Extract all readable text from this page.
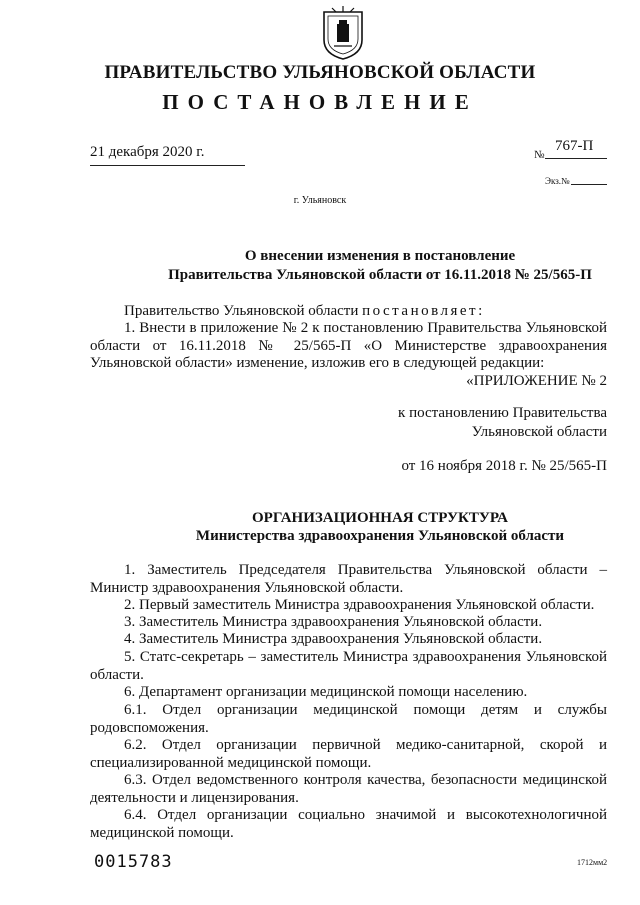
ПРАВИТЕЛЬСТВО УЛЬЯНОВСКОЙ ОБЛАСТИ
ПОСТАНОВЛЕНИЕ
21 декабря 2020 г.	№
767-П
Экз.№
г. Ульяновск
О внесении изменения в постановление
Правительства Ульяновской области от 16.11.2018 № 25/565-П
Правительство Ульяновской области постановляет:
1. Внести в приложение № 2 к постановлению Правительства Ульяновской области от 16.11.2018 № 25/565-П «О Министерстве здравоохранения Ульяновской области» изменение, изложив его в следующей редакции:
«ПРИЛОЖЕНИЕ № 2
к постановлению Правительства
Ульяновской области
от 16 ноября 2018 г. № 25/565-П
ОРГАНИЗАЦИОННАЯ СТРУКТУРА
Министерства здравоохранения Ульяновской области
1. Заместитель Председателя Правительства Ульяновской области – Министр здравоохранения Ульяновской области.
2. Первый заместитель Министра здравоохранения Ульяновской области.
3. Заместитель Министра здравоохранения Ульяновской области.
4. Заместитель Министра здравоохранения Ульяновской области.
5. Статс-секретарь – заместитель Министра здравоохранения Ульяновской области.
6. Департамент организации медицинской помощи населению.
6.1. Отдел организации медицинской помощи детям и службы родовспоможения.
6.2. Отдел организации первичной медико-санитарной, скорой и специализированной медицинской помощи.
6.3. Отдел ведомственного контроля качества, безопасности медицинской деятельности и лицензирования.
6.4. Отдел организации социально значимой и высокотехнологичной медицинской помощи.
0015783	1712мм2
